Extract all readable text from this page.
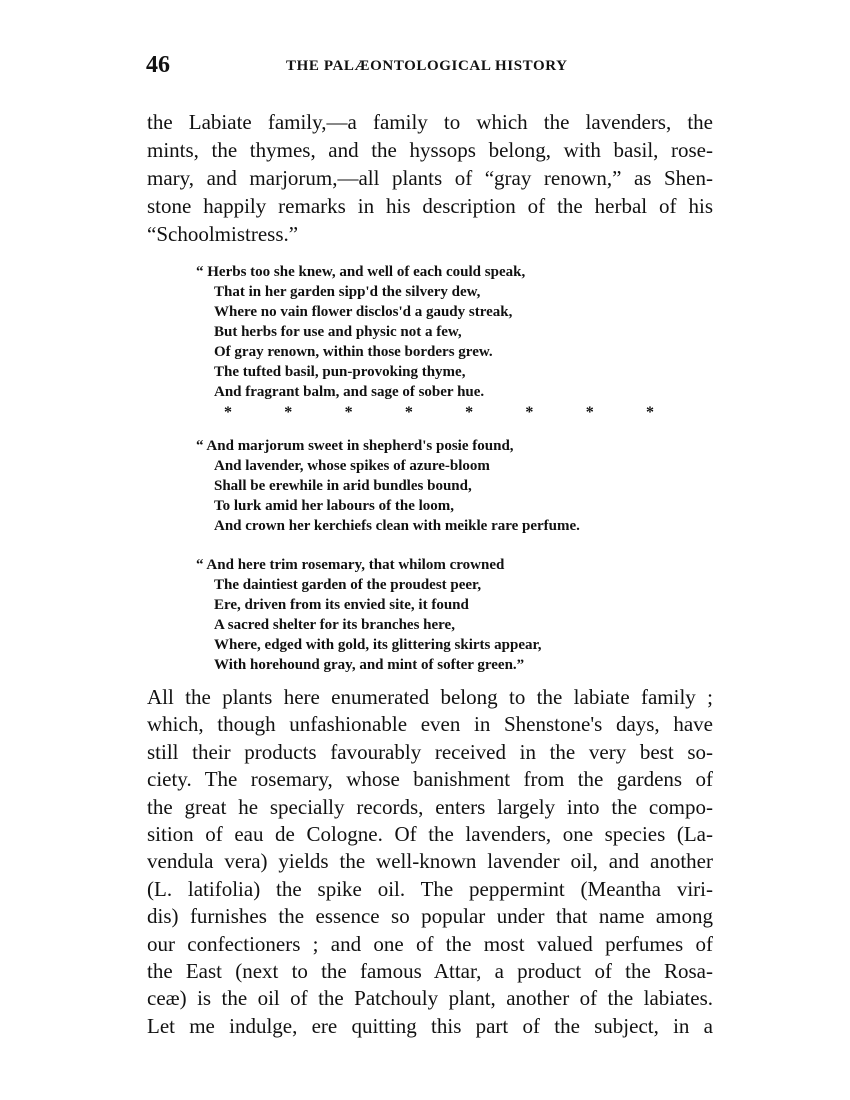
46	THE PALÆONTOLOGICAL HISTORY

the Labiate family,—a family to which the lavenders, the
mints, the thymes, and the hyssops belong, with basil, rose-
mary, and marjorum,—all plants of “gray renown,” as Shen-
stone happily remarks in his description of the herbal of his
“Schoolmistress.”

“ Herbs too she knew, and well of each could speak,
That in her garden sipp'd the silvery dew,
Where no vain flower disclos'd a gaudy streak,
But herbs for use and physic not a few,
Of gray renown, within those borders grew.
The tufted basil, pun-provoking thyme,
And fragrant balm, and sage of sober hue.
*	*	*	*	*	*	*	*
“ And marjorum sweet in shepherd's posie found,
And lavender, whose spikes of azure-bloom
Shall be erewhile in arid bundles bound,
To lurk amid her labours of the loom,
And crown her kerchiefs clean with meikle rare perfume.
“ And here trim rosemary, that whilom crowned
The daintiest garden of the proudest peer,
Ere, driven from its envied site, it found
A sacred shelter for its branches here,
Where, edged with gold, its glittering skirts appear,
With horehound gray, and mint of softer green.”

All the plants here enumerated belong to the labiate family ;
which, though unfashionable even in Shenstone's days, have
still their products favourably received in the very best so-
ciety. The rosemary, whose banishment from the gardens of
the great he specially records, enters largely into the compo-
sition of eau de Cologne. Of the lavenders, one species (La-
vendula vera) yields the well-known lavender oil, and another
(L. latifolia) the spike oil. The peppermint (Meantha viri-
dis) furnishes the essence so popular under that name among
our confectioners ; and one of the most valued perfumes of
the East (next to the famous Attar, a product of the Rosa-
ceæ) is the oil of the Patchouly plant, another of the labiates.
Let me indulge, ere quitting this part of the subject, in a
